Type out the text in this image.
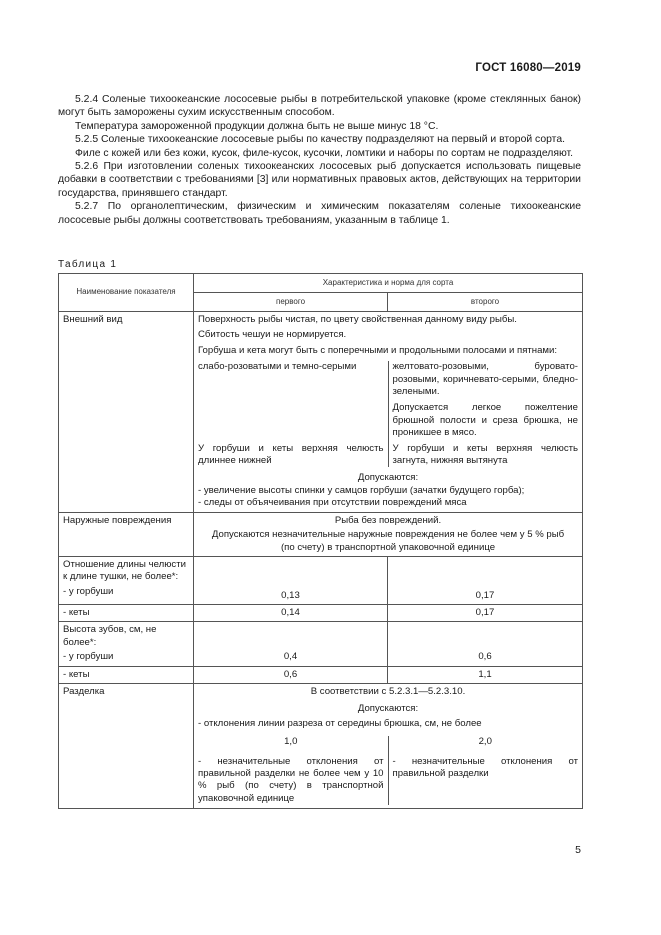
ГОСТ 16080—2019

5.2.4 Соленые тихоокеанские лососевые рыбы в потребительской упаковке (кроме стеклянных банок) могут быть заморожены сухим искусственным способом.

Температура замороженной продукции должна быть не выше минус 18 °С.

5.2.5 Соленые тихоокеанские лососевые рыбы по качеству подразделяют на первый и второй сорта.

Филе с кожей или без кожи, кусок, филе-кусок, кусочки, ломтики и наборы по сортам не подразделяют.

5.2.6 При изготовлении соленых тихоокеанских лососевых рыб допускается использовать пищевые добавки в соответствии с требованиями [3] или нормативных правовых актов, действующих на территории государства, принявшего стандарт.

5.2.7 По органолептическим, физическим и химическим показателям соленые тихоокеанские лососевые рыбы должны соответствовать требованиям, указанным в таблице 1.

Таблица 1
Наименование показателя	Характеристика и норма для сорта
первого	второго
Внешний вид	Поверхность рыбы чистая, по цвету свойственная данному виду рыбы.
Сбитость чешуи не нормируется.
Горбуша и кета могут быть с поперечными и продольными полосами и пятнами:
слабо-розоватыми и темно-серыми	желтовато-розовыми, буровато-розовыми, коричневато-серыми, бледно-зелеными.
	Допускается легкое пожелтение брюшной полости и среза брюшка, не проникшее в мясо.
У горбуши и кеты верхняя челюсть длиннее нижней	У горбуши и кеты верхняя челюсть загнута, нижняя вытянута
Допускаются:
- увеличение высоты спинки у самцов горбуши (зачатки будущего горба);
- следы от объячеивания при отсутствии повреждений мяса

Наружные повреждения	Рыба без повреждений.
Допускаются незначительные наружные повреждения не более чем у 5 % рыб (по счету) в транспортной упаковочной единице

Отношение длины челюсти к длине тушки, не более*:
- у горбуши	0,13	0,17
- кеты	0,14	0,17

Высота зубов, см, не более*:
- у горбуши	0,4	0,6
- кеты	0,6	1,1
Разделка	В соответствии с 5.2.3.1—5.2.3.10.
Допускаются:
- отклонения линии разреза от середины брюшка, см, не более
1,0	2,0
- незначительные отклонения от правильной разделки не более чем у 10 % рыб (по счету) в транспортной упаковочной единице	- незначительные отклонения от правильной разделки
5
